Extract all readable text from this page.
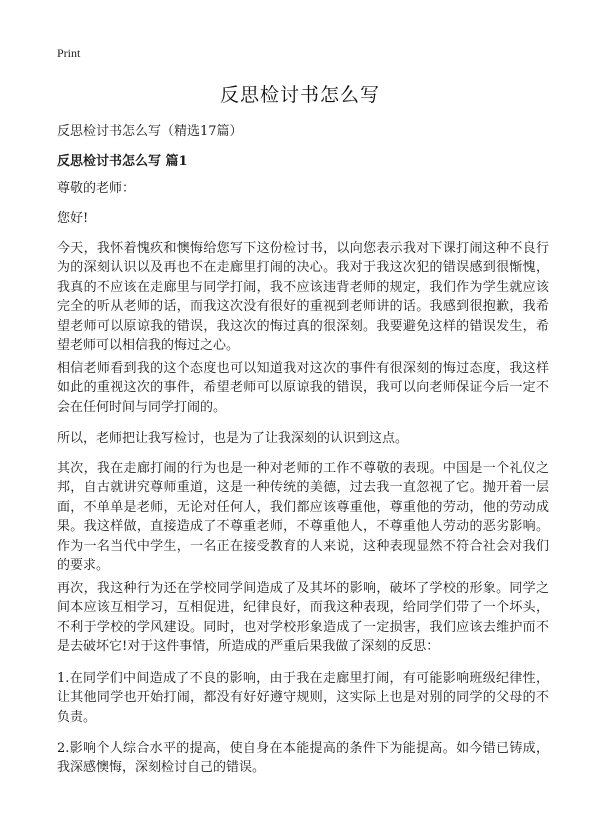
Print
反思检讨书怎么写
反思检讨书怎么写（精选17篇）
反思检讨书怎么写 篇1
尊敬的老师：
您好!
今天，我怀着愧疚和懊悔给您写下这份检讨书，以向您表示我对下课打闹这种不良行为的深刻认识以及再也不在走廊里打闹的决心。我对于我这次犯的错误感到很惭愧，我真的不应该在走廊里与同学打闹，我不应该违背老师的规定，我们作为学生就应该完全的听从老师的话，而我这次没有很好的重视到老师讲的话。我感到很抱歉，我希望老师可以原谅我的错误，我这次的悔过真的很深刻。我要避免这样的错误发生，希望老师可以相信我的悔过之心。
相信老师看到我的这个态度也可以知道我对这次的事件有很深刻的悔过态度，我这样如此的重视这次的事件，希望老师可以原谅我的错误，我可以向老师保证今后一定不会在任何时间与同学打闹的。
所以，老师把让我写检讨，也是为了让我深刻的认识到这点。
其次，我在走廊打闹的行为也是一种对老师的工作不尊敬的表现。中国是一个礼仪之邦，自古就讲究尊师重道，这是一种传统的美德，过去我一直忽视了它。抛开着一层面，不单单是老师，无论对任何人，我们都应该尊重他，尊重他的劳动，他的劳动成果。我这样做，直接造成了不尊重老师，不尊重他人，不尊重他人劳动的恶劣影响。作为一名当代中学生，一名正在接受教育的人来说，这种表现显然不符合社会对我们的要求。
再次，我这种行为还在学校同学间造成了及其坏的影响，破坏了学校的形象。同学之间本应该互相学习，互相促进，纪律良好，而我这种表现，给同学们带了一个坏头，不利于学校的学风建设。同时，也对学校形象造成了一定损害，我们应该去维护而不是去破坏它!对于这件事情，所造成的严重后果我做了深刻的反思：
1.在同学们中间造成了不良的影响，由于我在走廊里打闹，有可能影响班级纪律性，让其他同学也开始打闹，都没有好好遵守规则，这实际上也是对别的同学的父母的不负责。
2.影响个人综合水平的提高，使自身在本能提高的条件下为能提高。如今错已铸成，我深感懊悔，深刻检讨自己的错误。
